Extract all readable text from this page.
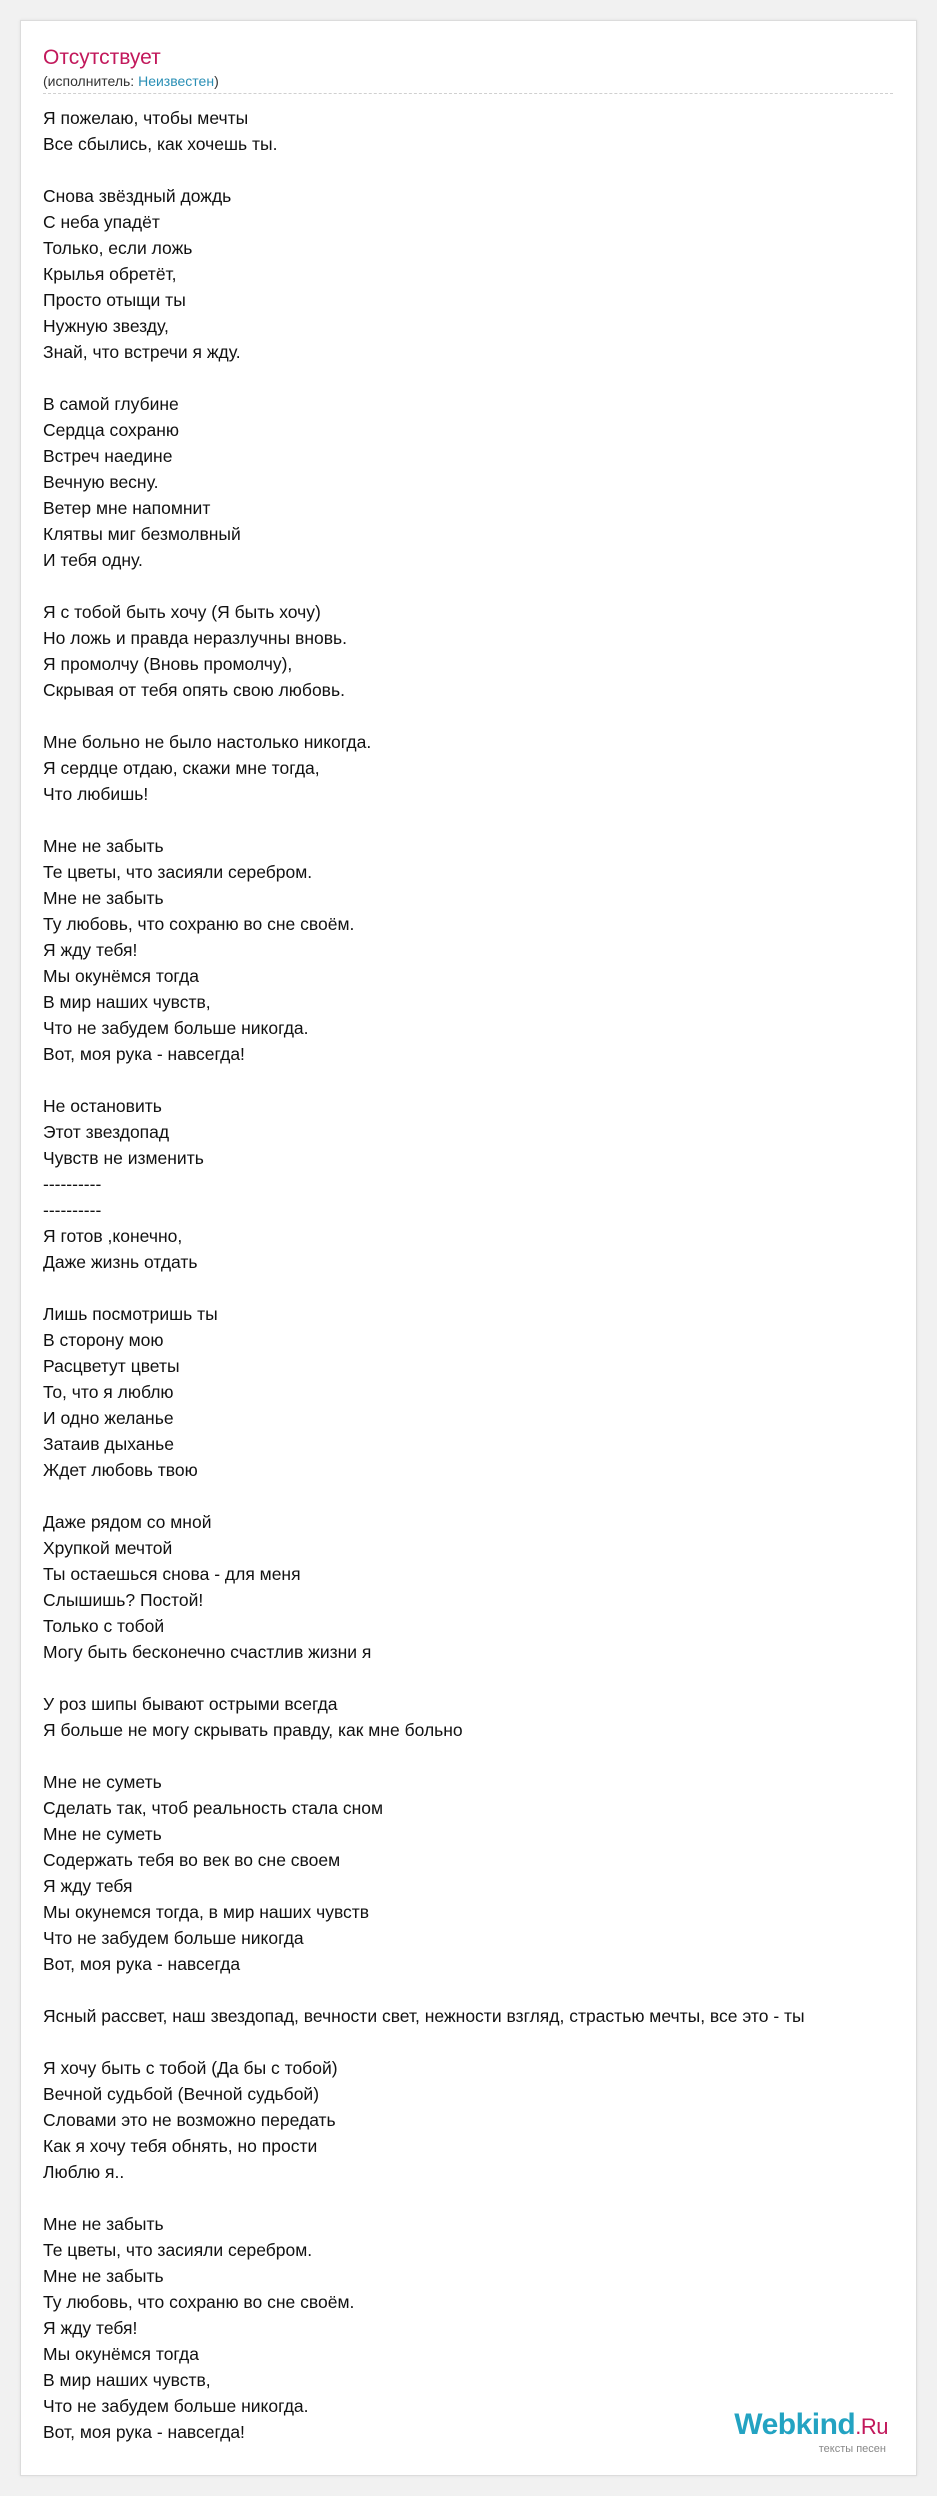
Отсутствует
(исполнитель: Неизвестен)
Я пожелаю, чтобы мечты
Все сбылись, как хочешь ты.
Снова звёздный дождь
С неба упадёт
Только, если ложь
Крылья обретёт,
Просто отыщи ты
Нужную звезду,
Знай, что встречи я жду.
В самой глубине
Сердца сохраню
Встреч наедине
Вечную весну.
Ветер мне напомнит
Клятвы миг безмолвный
И тебя одну.
Я с тобой быть хочу (Я быть хочу)
Но ложь и правда неразлучны вновь.
Я промолчу (Вновь промолчу),
Скрывая от тебя опять свою любовь.
Мне больно не было настолько никогда.
Я сердце отдаю, скажи мне тогда,
Что любишь!
Мне не забыть
Те цветы, что засияли серебром.
Мне не забыть
Ту любовь, что сохраню во сне своём.
Я жду тебя!
Мы окунёмся тогда
В мир наших чувств,
Что не забудем больше никогда.
Вот, моя рука - навсегда!
Не остановить
Этот звездопад
Чувств не изменить
----------
----------
Я готов ,конечно,
Даже жизнь отдать
Лишь посмотришь ты
В сторону мою
Расцветут цветы
То, что я люблю
И одно желанье
Затаив дыханье
Ждет любовь твою
Даже рядом со мной
Хрупкой мечтой
Ты остаешься снова - для меня
Слышишь? Постой!
Только с тобой
Могу быть бесконечно счастлив жизни я
У роз шипы бывают острыми всегда
Я больше не могу скрывать правду, как мне больно
Мне не суметь
Сделать так, чтоб реальность стала сном
Мне не суметь
Содержать тебя во век во сне своем
Я жду тебя
Мы окунемся тогда, в мир наших чувств
Что не забудем больше никогда
Вот, моя рука - навсегда
Ясный рассвет, наш звездопад, вечности свет, нежности взгляд, страстью мечты, все это - ты
Я хочу быть с тобой (Да бы с тобой)
Вечной судьбой (Вечной судьбой)
Словами это не возможно передать
Как я хочу тебя обнять, но прости
Люблю я..
Мне не забыть
Те цветы, что засияли серебром.
Мне не забыть
Ту любовь, что сохраню во сне своём.
Я жду тебя!
Мы окунёмся тогда
В мир наших чувств,
Что не забудем больше никогда.
Вот, моя рука - навсегда!	Webkind.Ru
тексты песен
